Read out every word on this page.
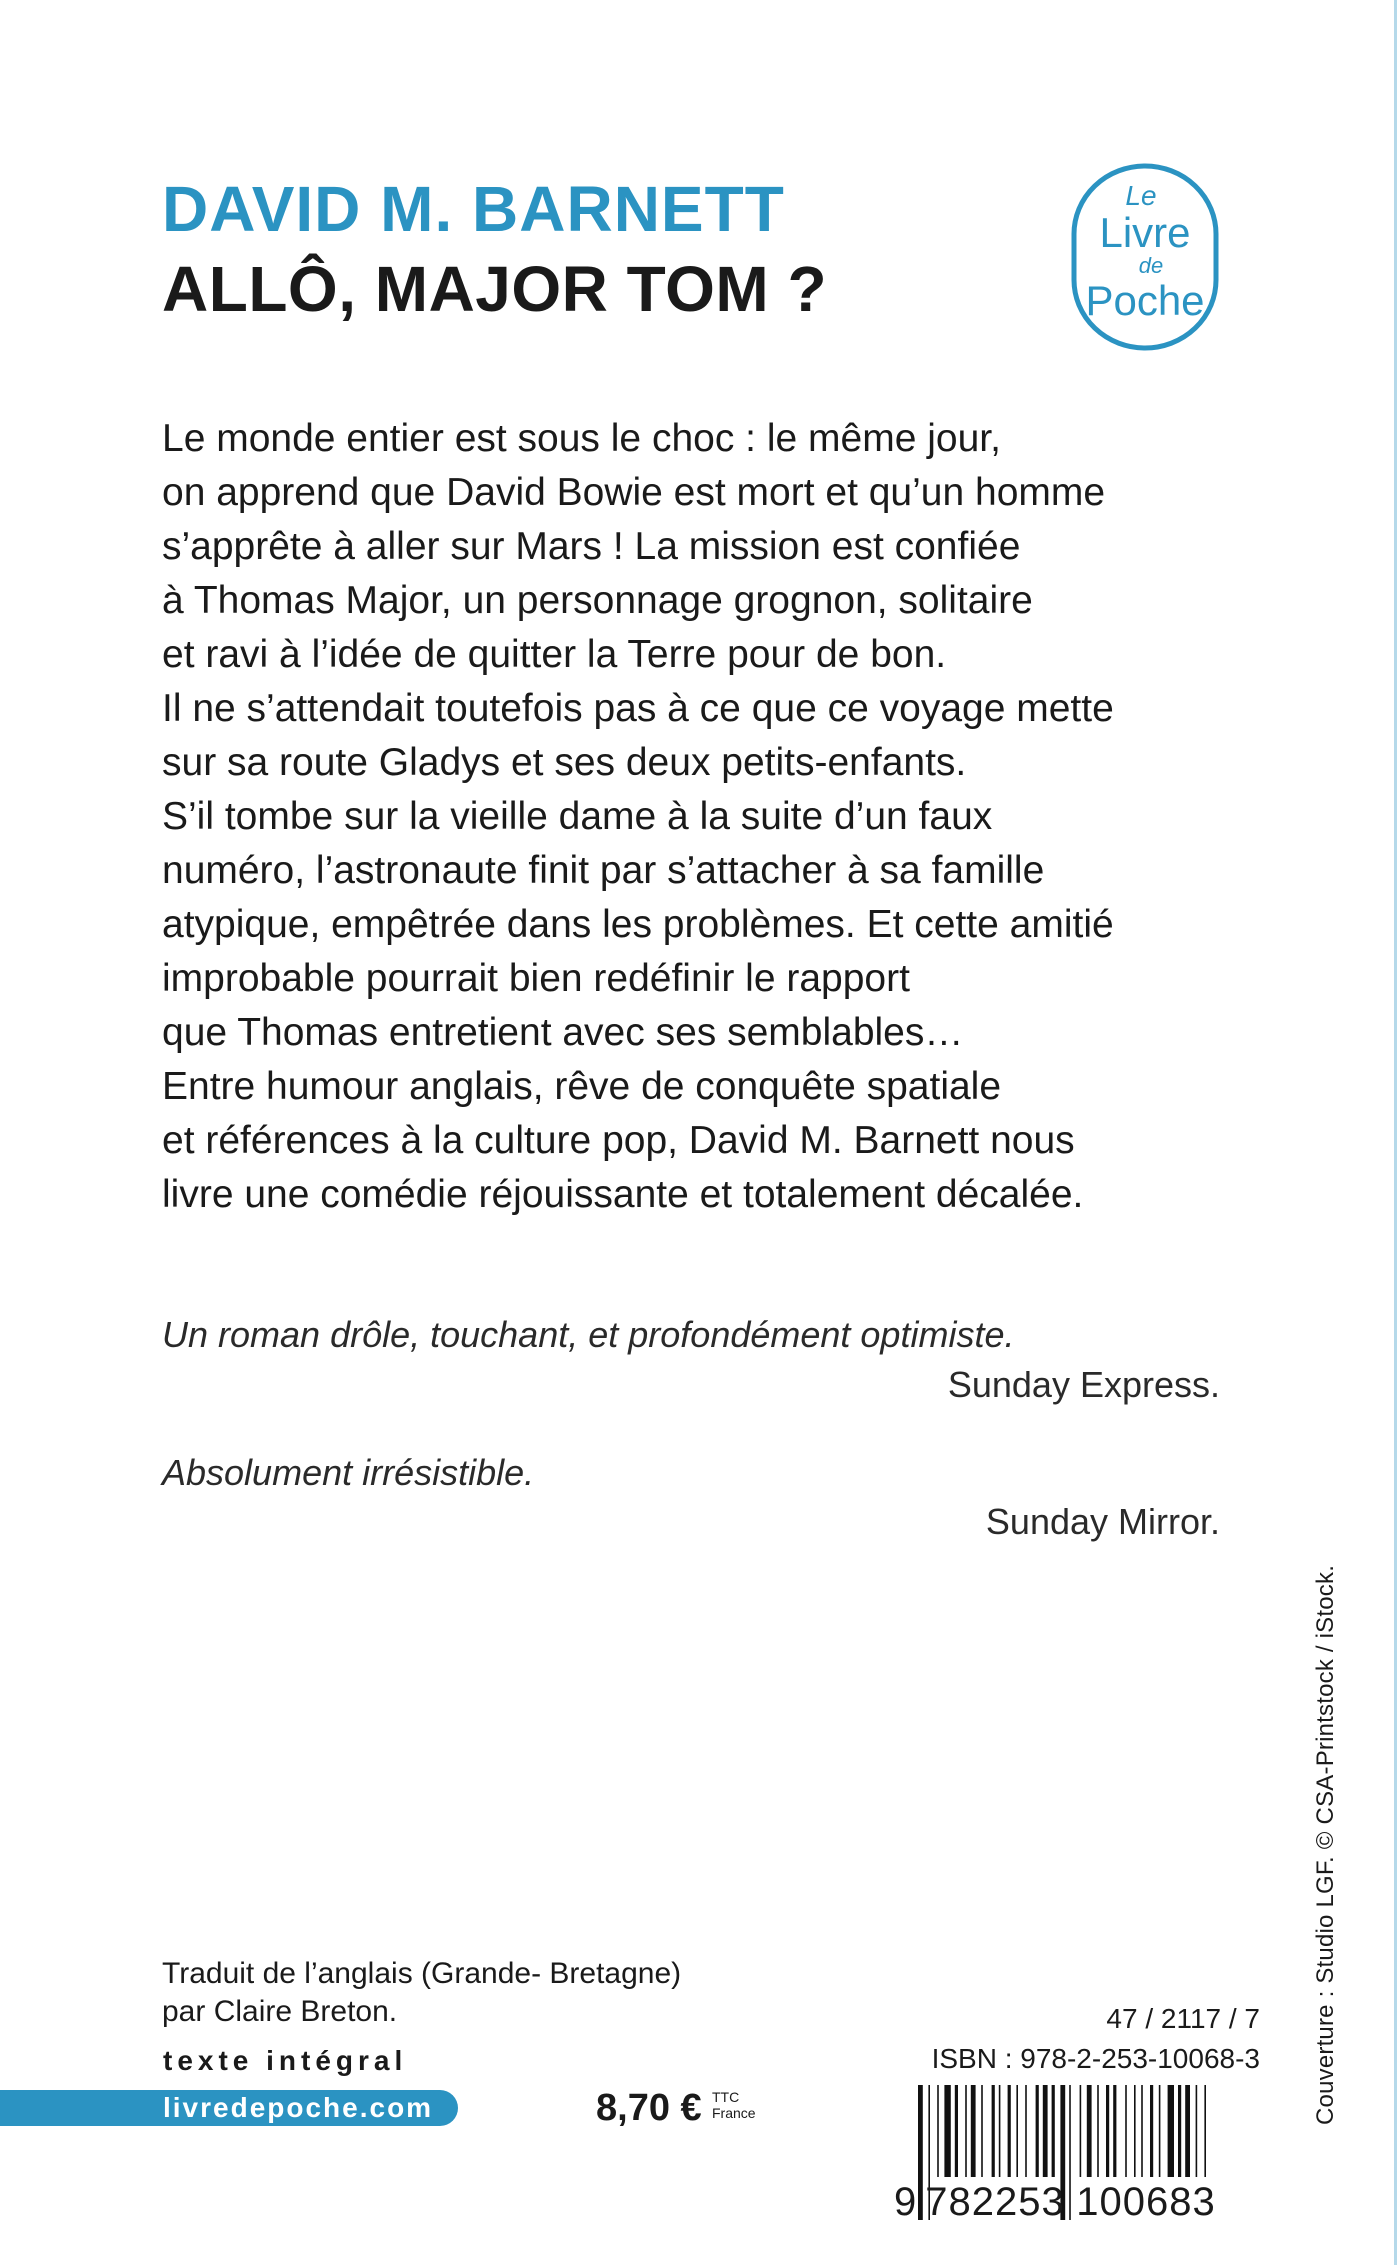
DAVID M. BARNETT
ALLÔ, MAJOR TOM ?
Le
Livre
de
Poche
Le monde entier est sous le choc : le même jour,
on apprend que David Bowie est mort et qu’un homme
s’apprête à aller sur Mars ! La mission est confiée
à Thomas Major, un personnage grognon, solitaire
et ravi à l’idée de quitter la Terre pour de bon.
Il ne s’attendait toutefois pas à ce que ce voyage mette
sur sa route Gladys et ses deux petits-enfants.
S’il tombe sur la vieille dame à la suite d’un faux
numéro, l’astronaute finit par s’attacher à sa famille
atypique, empêtrée dans les problèmes. Et cette amitié
improbable pourrait bien redéfinir le rapport
que Thomas entretient avec ses semblables…
Entre humour anglais, rêve de conquête spatiale
et références à la culture pop, David M. Barnett nous
livre une comédie réjouissante et totalement décalée.
Un roman drôle, touchant, et profondément optimiste.
Sunday Express.
Absolument irrésistible.
Sunday Mirror.
Traduit de l’anglais (Grande- Bretagne)
par Claire Breton.
texte intégral
livredepoche.com	8,70 € TTC
France
47 / 2117 / 7
ISBN : 978-2-253-10068-3
9 782253 100683
Couverture : Studio LGF. © CSA-Printstock / iStock.
